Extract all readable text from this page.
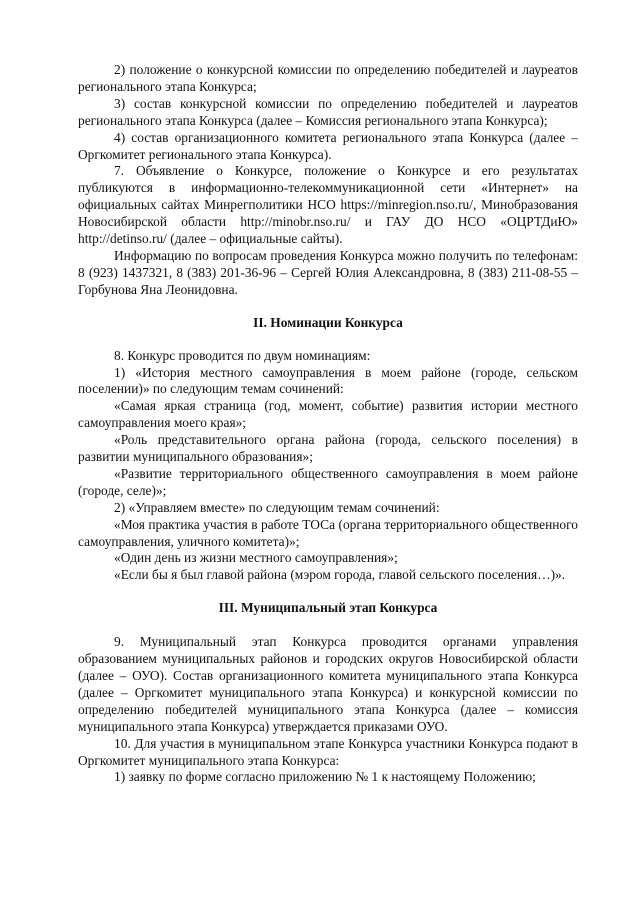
2) положение о конкурсной комиссии по определению победителей и лауреатов регионального этапа Конкурса;

3) состав конкурсной комиссии по определению победителей и лауреатов регионального этапа Конкурса (далее – Комиссия регионального этапа Конкурса);

4) состав организационного комитета регионального этапа Конкурса (далее – Оргкомитет регионального этапа Конкурса).

7. Объявление о Конкурсе, положение о Конкурсе и его результатах публикуются в информационно-телекоммуникационной сети «Интернет» на официальных сайтах Минрегполитики НСО https://minregion.nso.ru/, Минобразования Новосибирской области http://minobr.nso.ru/ и ГАУ ДО НСО «ОЦРТДиЮ» http://detinso.ru/ (далее – официальные сайты).

Информацию по вопросам проведения Конкурса можно получить по телефонам: 8 (923) 1437321, 8 (383) 201-36-96 – Сергей Юлия Александровна, 8 (383) 211-08-55 – Горбунова Яна Леонидовна.

II. Номинации Конкурса

8. Конкурс проводится по двум номинациям:

1) «История местного самоуправления в моем районе (городе, сельском поселении)» по следующим темам сочинений:

«Самая яркая страница (год, момент, событие) развития истории местного самоуправления моего края»;

«Роль представительного органа района (города, сельского поселения) в развитии муниципального образования»;

«Развитие территориального общественного самоуправления в моем районе (городе, селе)»;

2) «Управляем вместе» по следующим темам сочинений:

«Моя практика участия в работе ТОСа (органа территориального общественного самоуправления, уличного комитета)»;

«Один день из жизни местного самоуправления»;

«Если бы я был главой района (мэром города, главой сельского поселения…)».

III. Муниципальный этап Конкурса

9. Муниципальный этап Конкурса проводится органами управления образованием муниципальных районов и городских округов Новосибирской области (далее – ОУО). Состав организационного комитета муниципального этапа Конкурса (далее – Оргкомитет муниципального этапа Конкурса) и конкурсной комиссии по определению победителей муниципального этапа Конкурса (далее – комиссия муниципального этапа Конкурса) утверждается приказами ОУО.

10. Для участия в муниципальном этапе Конкурса участники Конкурса подают в Оргкомитет муниципального этапа Конкурса:

1) заявку по форме согласно приложению № 1 к настоящему Положению;
